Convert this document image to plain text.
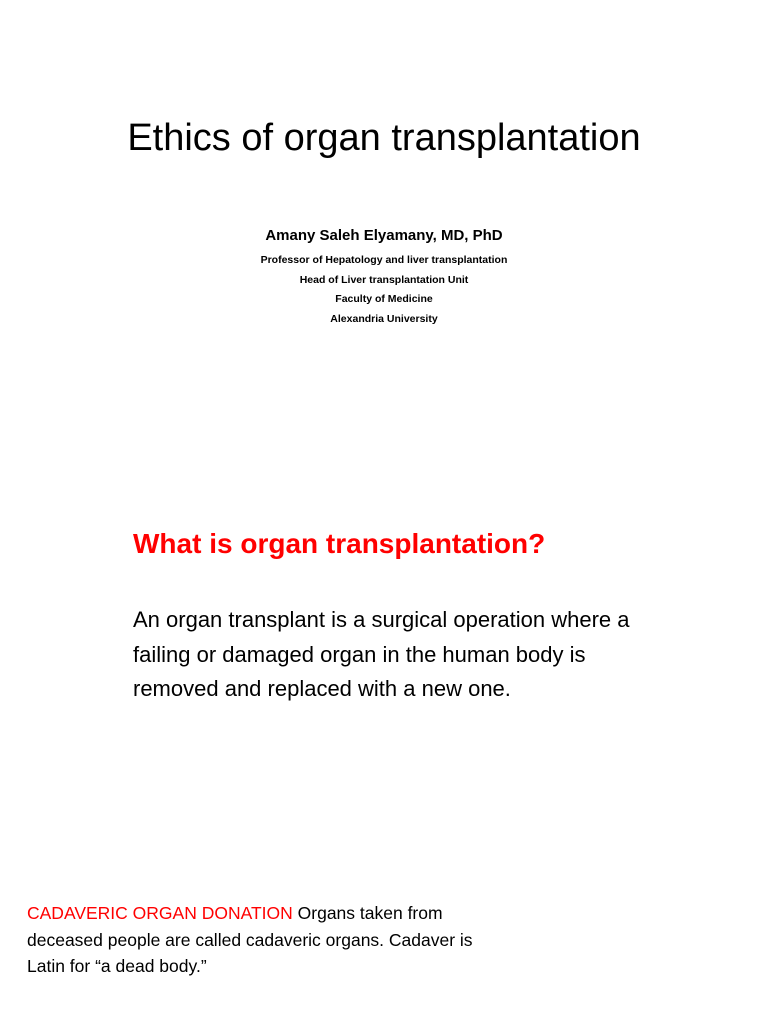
Ethics of organ transplantation

Amany Saleh Elyamany, MD, PhD

Professor of Hepatology and liver transplantation
Head of Liver transplantation Unit
Faculty of Medicine
Alexandria University
What is organ transplantation?

An organ transplant is a surgical operation where a failing or damaged organ in the human body is removed and replaced with a new one.

CADAVERIC ORGAN DONATION Organs taken from deceased people are called cadaveric organs. Cadaver is Latin for “a dead body.”
